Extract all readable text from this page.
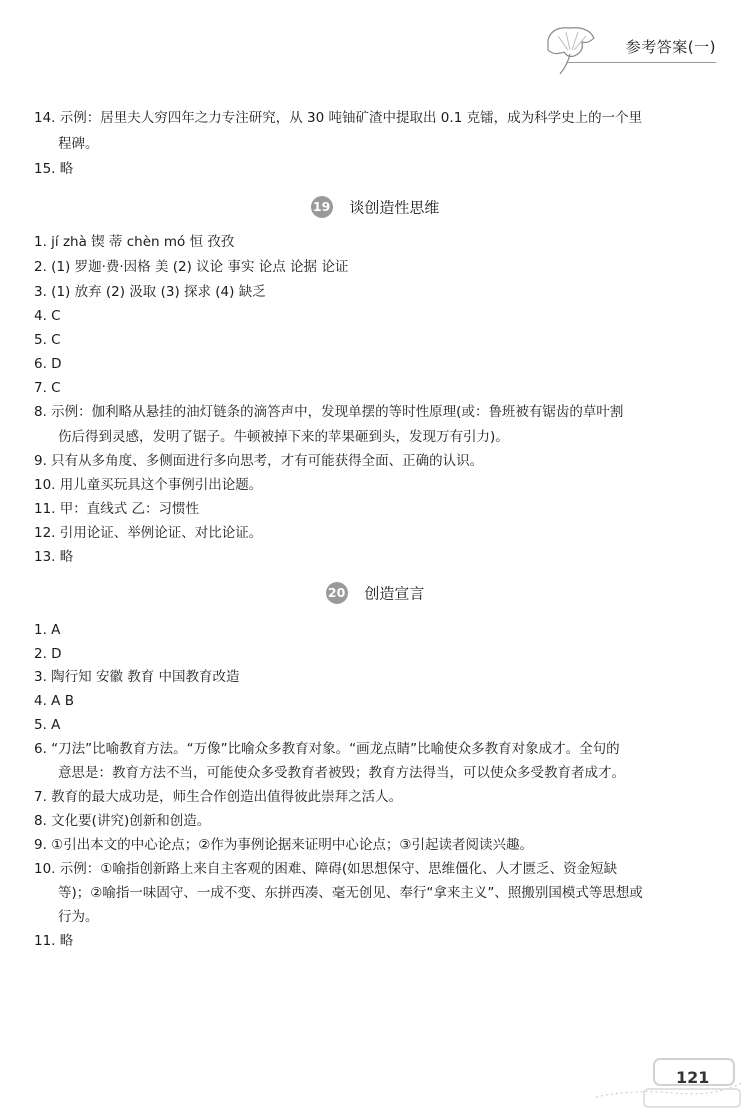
参考答案(一)
14. 示例：居里夫人穷四年之力专注研究，从 30 吨铀矿渣中提取出 0.1 克镭，成为科学史上的一个里
程碑。
15. 略
19 谈创造性思维
1. jí zhà 锲 蒂 chèn mó 恒 孜孜
2. (1) 罗迦·费·因格 美 (2) 议论 事实 论点 论据 论证
3. (1) 放弃 (2) 汲取 (3) 探求 (4) 缺乏
4. C
5. C
6. D
7. C
8. 示例：伽利略从悬挂的油灯链条的滴答声中，发现单摆的等时性原理(或：鲁班被有锯齿的草叶割
伤后得到灵感，发明了锯子。牛顿被掉下来的苹果砸到头，发现万有引力)。
9. 只有从多角度、多侧面进行多向思考，才有可能获得全面、正确的认识。
10. 用儿童买玩具这个事例引出论题。
11. 甲：直线式 乙：习惯性
12. 引用论证、举例论证、对比论证。
13. 略
20 创造宣言
1. A
2. D
3. 陶行知 安徽 教育 中国教育改造
4. A B
5. A
6. “刀法”比喻教育方法。“万像”比喻众多教育对象。“画龙点睛”比喻使众多教育对象成才。全句的
意思是：教育方法不当，可能使众多受教育者被毁；教育方法得当，可以使众多受教育者成才。
7. 教育的最大成功是，师生合作创造出值得彼此崇拜之活人。
8. 文化要(讲究)创新和创造。
9. ①引出本文的中心论点；②作为事例论据来证明中心论点；③引起读者阅读兴趣。
10. 示例：①喻指创新路上来自主客观的困难、障碍(如思想保守、思维僵化、人才匮乏、资金短缺
等)；②喻指一味固守、一成不变、东拼西凑、毫无创见、奉行“拿来主义”、照搬别国模式等思想或
行为。
11. 略
121
